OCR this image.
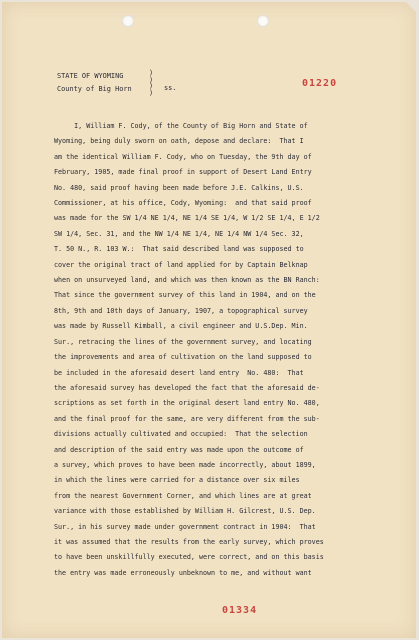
STATE OF WYOMING
County of Big Horn
)
)
)
)
ss.	01220
I, William F. Cody, of the County of Big Horn and State of
Wyoming, being duly sworn on oath, depose and declare:  That I
am the identical William F. Cody, who on Tuesday, the 9th day of
February, 1905, made final proof in support of Desert Land Entry
No. 480, said proof having been made before J.E. Calkins, U.S.
Commissioner, at his office, Cody, Wyoming:  and that said proof
was made for the SW 1/4 NE 1/4, NE 1/4 SE 1/4, W 1/2 SE 1/4, E 1/2
SW 1/4, Sec. 31, and the NW 1/4 NE 1/4, NE 1/4 NW 1/4 Sec. 32,
T. 50 N., R. 103 W.:  That said described land was supposed to
cover the original tract of land applied for by Captain Belknap
when on unsurveyed land, and which was then known as the BN Ranch:
That since the government survey of this land in 1904, and on the
8th, 9th and 10th days of January, 1907, a topographical survey
was made by Russell Kimball, a civil engineer and U.S.Dep. Min.
Sur., retracing the lines of the government survey, and locating
the improvements and area of cultivation on the land supposed to
be included in the aforesaid desert land entry  No. 480:  That
the aforesaid survey has developed the fact that the aforesaid de-
scriptions as set forth in the original desert land entry No. 480,
and the final proof for the same, are very different from the sub-
divisions actually cultivated and occupied:  That the selection
and description of the said entry was made upon the outcome of
a survey, which proves to have been made incorrectly, about 1899,
in which the lines were carried for a distance over six miles
from the nearest Government Corner, and which lines are at great
variance with those established by William H. Gilcrest, U.S. Dep.
Sur., in his survey made under government contract in 1904:  That
it was assumed that the results from the early survey, which proves
to have been unskillfully executed, were correct, and on this basis
the entry was made erroneously unbeknown to me, and without want
01334
